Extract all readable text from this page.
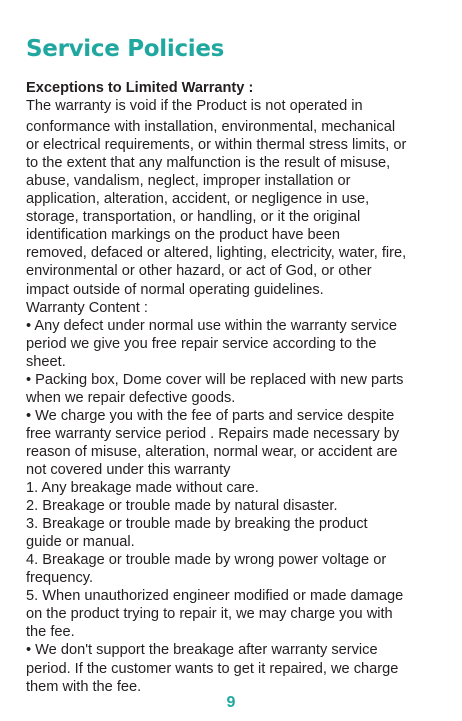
Service Policies
Exceptions to Limited Warranty :
The warranty is void if the Product is not operated in
conformance with installation, environmental, mechanical
or electrical requirements, or within thermal stress limits, or
to the extent that any malfunction is the result of misuse,
abuse, vandalism, neglect, improper installation or
application, alteration, accident, or negligence in use,
storage, transportation, or handling, or it the original
identification markings on the product have been
removed, defaced or altered, lighting, electricity, water, fire,
environmental or other hazard, or act of God, or other
impact outside of normal operating guidelines.
Warranty Content :
• Any defect under normal use within the warranty service
period we give you free repair service according to the
sheet.
• Packing box, Dome cover will be replaced with new parts
when we repair defective goods.
• We charge you with the fee of parts and service despite
free warranty service period . Repairs made necessary by
reason of misuse, alteration, normal wear, or accident are
not covered under this warranty
1. Any breakage made without care.
2. Breakage or trouble made by natural disaster.
3. Breakage or trouble made by breaking the product
guide or manual.
4. Breakage or trouble made by wrong power voltage or
frequency.
5. When unauthorized engineer modified or made damage
on the product trying to repair it, we may charge you with
the fee.
• We don't support the breakage after warranty service
period. If the customer wants to get it repaired, we charge
them with the fee.
9
